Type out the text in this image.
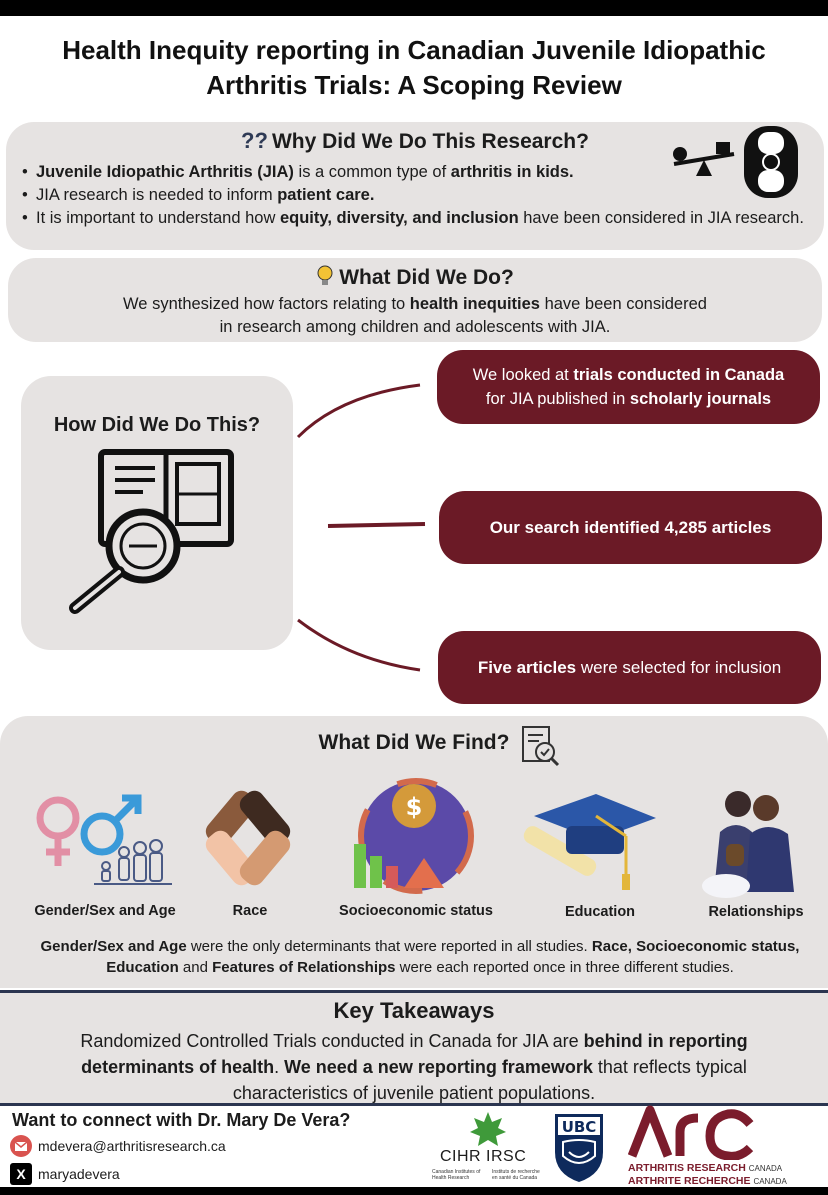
Health Inequity reporting in Canadian Juvenile Idiopathic Arthritis Trials: A Scoping Review
?? Why Did We Do This Research?
• Juvenile Idiopathic Arthritis (JIA) is a common type of arthritis in kids.
• JIA research is needed to inform patient care.
• It is important to understand how equity, diversity, and inclusion have been considered in JIA research.
What Did We Do?

We synthesized how factors relating to health inequities have been considered
in research among children and adolescents with JIA.

How Did We Do This?
We looked at trials conducted in Canada
for JIA published in scholarly journals
Our search identified 4,285 articles
Five articles were selected for inclusion
What Did We Find?
$
Gender/Sex and Age	Race	Socioeconomic status	Education	Relationships

Gender/Sex and Age were the only determinants that were reported in all studies. Race, Socioeconomic status, Education and Features of Relationships were each reported once in three different studies.

Key Takeaways

Randomized Controlled Trials conducted in Canada for JIA are behind in reporting determinants of health. We need a new reporting framework that reflects typical characteristics of juvenile patient populations.

Want to connect with Dr. Mary De Vera?
mdevera@arthritisresearch.ca
X maryadevera
CIHR IRSC
Canadian Institutes of Health Research
Instituts de recherche en santé du Canada
UBC
ARTHRITIS RESEARCH CANADA
ARTHRITE RECHERCHE CANADA
